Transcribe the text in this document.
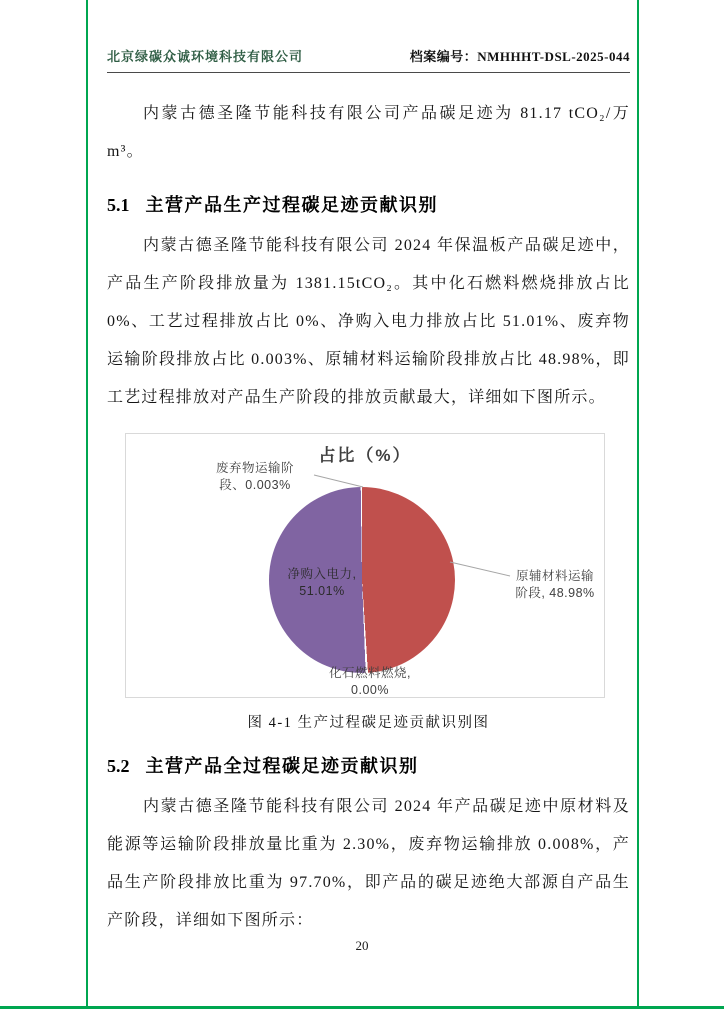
北京绿碳众诚环境科技有限公司	档案编号：NMHHHT-DSL-2025-044

内蒙古德圣隆节能科技有限公司产品碳足迹为 81.17 tCO₂/万 m³。

5.1 主营产品生产过程碳足迹贡献识别

内蒙古德圣隆节能科技有限公司 2024 年保温板产品碳足迹中，产品生产阶段排放量为 1381.15tCO₂。其中化石燃料燃烧排放占比 0%、工艺过程排放占比 0%、净购入电力排放占比 51.01%、废弃物运输阶段排放占比 0.003%、原辅材料运输阶段排放占比 48.98%，即工艺过程排放对产品生产阶段的排放贡献最大，详细如下图所示。

占比（%）
废弃物运输阶
段、0.003%
净购入电力,
51.01%
原辅材料运输
阶段, 48.98%
化石燃料燃烧,
0.00%
图 4-1 生产过程碳足迹贡献识别图
5.2 主营产品全过程碳足迹贡献识别

内蒙古德圣隆节能科技有限公司 2024 年产品碳足迹中原材料及能源等运输阶段排放量比重为 2.30%，废弃物运输排放 0.008%，产品生产阶段排放比重为 97.70%，即产品的碳足迹绝大部源自产品生产阶段，详细如下图所示：

20
